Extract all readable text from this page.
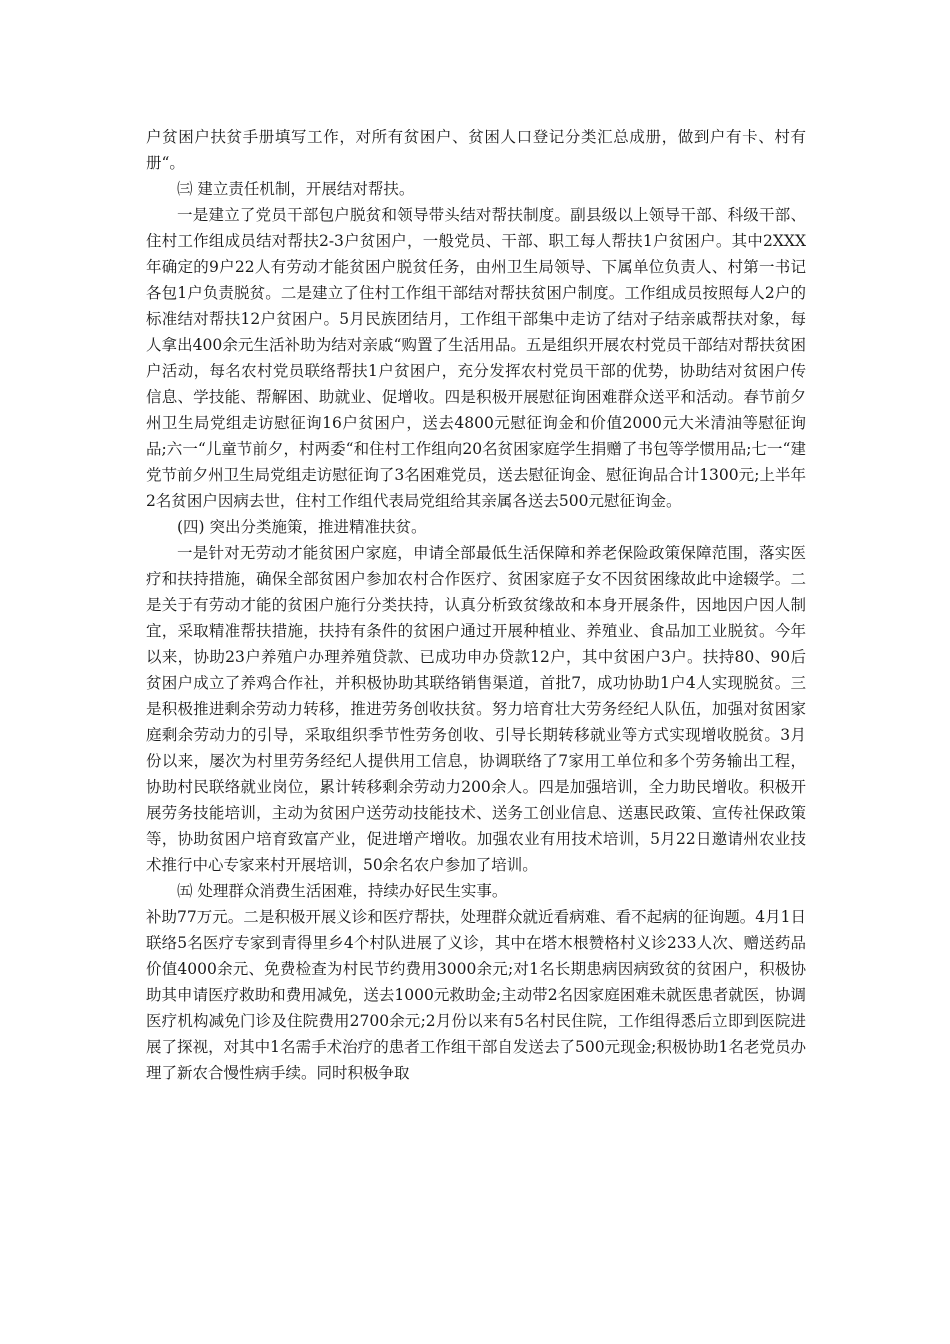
户贫困户扶贫手册填写工作，对所有贫困户、贫困人口登记分类汇总成册，做到户有卡、村有册“。

㈢ 建立责任机制，开展结对帮扶。

一是建立了党员干部包户脱贫和领导带头结对帮扶制度。副县级以上领导干部、科级干部、住村工作组成员结对帮扶2-3户贫困户，一般党员、干部、职工每人帮扶1户贫困户。其中2XXX年确定的9户22人有劳动才能贫困户脱贫任务，由州卫生局领导、下属单位负责人、村第一书记各包1户负责脱贫。二是建立了住村工作组干部结对帮扶贫困户制度。工作组成员按照每人2户的标准结对帮扶12户贫困户。5月民族团结月，工作组干部集中走访了结对子结亲戚帮扶对象，每人拿出400余元生活补助为结对亲戚“购置了生活用品。五是组织开展农村党员干部结对帮扶贫困户活动，每名农村党员联络帮扶1户贫困户，充分发挥农村党员干部的优势，协助结对贫困户传信息、学技能、帮解困、助就业、促增收。四是积极开展慰征询困难群众送平和活动。春节前夕州卫生局党组走访慰征询16户贫困户，送去4800元慰征询金和价值2000元大米清油等慰征询品;六一“儿童节前夕，村两委“和住村工作组向20名贫困家庭学生捐赠了书包等学惯用品;七一“建党节前夕州卫生局党组走访慰征询了3名困难党员，送去慰征询金、慰征询品合计1300元;上半年2名贫困户因病去世，住村工作组代表局党组给其亲属各送去500元慰征询金。

(四) 突出分类施策，推进精准扶贫。

一是针对无劳动才能贫困户家庭，申请全部最低生活保障和养老保险政策保障范围，落实医疗和扶持措施，确保全部贫困户参加农村合作医疗、贫困家庭子女不因贫困缘故此中途辍学。二是关于有劳动才能的贫困户施行分类扶持，认真分析致贫缘故和本身开展条件，因地因户因人制宜，采取精准帮扶措施，扶持有条件的贫困户通过开展种植业、养殖业、食品加工业脱贫。今年以来，协助23户养殖户办理养殖贷款、已成功申办贷款12户，其中贫困户3户。扶持80、90后贫困户成立了养鸡合作社，并积极协助其联络销售渠道，首批7，成功协助1户4人实现脱贫。三是积极推进剩余劳动力转移，推进劳务创收扶贫。努力培育壮大劳务经纪人队伍，加强对贫困家庭剩余劳动力的引导，采取组织季节性劳务创收、引导长期转移就业等方式实现增收脱贫。3月份以来，屡次为村里劳务经纪人提供用工信息，协调联络了7家用工单位和多个劳务输出工程，协助村民联络就业岗位，累计转移剩余劳动力200余人。四是加强培训，全力助民增收。积极开展劳务技能培训，主动为贫困户送劳动技能技术、送务工创业信息、送惠民政策、宣传社保政策等，协助贫困户培育致富产业，促进增产增收。加强农业有用技术培训，5月22日邀请州农业技术推行中心专家来村开展培训，50余名农户参加了培训。

㈤ 处理群众消费生活困难，持续办好民生实事。

补助77万元。二是积极开展义诊和医疗帮扶，处理群众就近看病难、看不起病的征询题。4月1日联络5名医疗专家到青得里乡4个村队进展了义诊，其中在塔木根赞格村义诊233人次、赠送药品价值4000余元、免费检查为村民节约费用3000余元;对1名长期患病因病致贫的贫困户，积极协助其申请医疗救助和费用减免，送去1000元救助金;主动带2名因家庭困难未就医患者就医，协调医疗机构减免门诊及住院费用2700余元;2月份以来有5名村民住院，工作组得悉后立即到医院进展了探视，对其中1名需手术治疗的患者工作组干部自发送去了500元现金;积极协助1名老党员办理了新农合慢性病手续。同时积极争取
